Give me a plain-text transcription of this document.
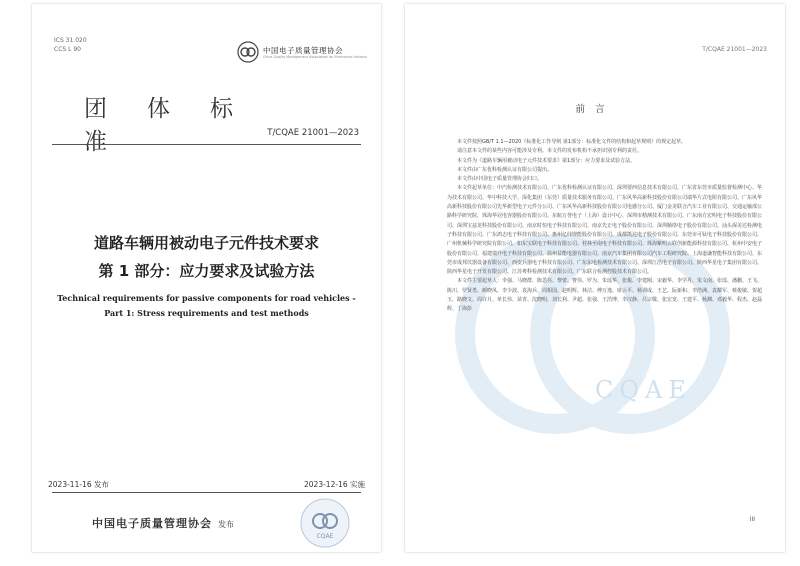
ICS 31.020
CCS L 90	中国电子质量管理协会
China Quality Management Association for Electronics Industry
团体标准	T/CQAE 21001—2023
道路车辆用被动电子元件技术要求
第 1 部分：应力要求及试验方法
Technical requirements for passive components for road vehicles -
Part 1: Stress requirements and test methods
2023-11-16 发布	2023-12-16 实施
中国电子质量管理协会 发布
CQAE
CQAE
T/CQAE 21001—2023
前言

本文件按照GB/T 1.1—2020《标准化工作导则 第1部分：标准化文件的结构和起草规则》的规定起草。

请注意本文件的某些内容可能涉及专利。本文件的发布机构不承担识别专利的责任。

本文件为《道路车辆用被动电子元件技术要求》第1部分：应力要求及试验方法。

本文件由广东优科检测认证有限公司提出。

本文件由中国电子质量管理协会归口。

本文件起草单位：中汽检测技术有限公司、广东优科检测认证有限公司、深圳要西信息技术有限公司、广东省东莞市质量监督检测中心、华为技术有限公司、华中科技大学、深化集团（东莞）质量技术服务有限公司、广东风华高新科技股份有限公司端华片式电阻有限公司、广东风华高新科技股份有限公司先华新型电子元件分公司、广东风华高新科技股份有限公司电感分公司、厦门金龙联合汽车工业有限公司、交通运输部公路科学研究院、珠海华冠电容器股份有限公司、东航万誉电子（上海）设计中心、深圳市精测技术有限公司、广东南方宏明电子科技股份有限公司、深圳宝兹龙科技股份有限公司、南京时恒电子科技有限公司、南京先正电子股份有限公司、深圳顺络电子股份有限公司、汕头保美达检测电子科技有限公司、广东鸿志电子科技有限公司、惠州亿纬锂能股份有限公司、成都凯达电子股份有限公司、东莞市可钛电子科技股份有限公司、广州机械科学研究院有限公司、如东宝联电子科技有限公司、桂林至南电子科技有限公司、珠海紫明云联创新能源科技有限公司、杭州中安电子股份有限公司、福建瑞升电子科技有限公司、温州益能电器有限公司、南京汽车集团有限公司汽车工程研究院、上海道谦智能科技有限公司、东莞市成邦仪器设备有限公司、西安兵器电子科技有限公司、广东东电检测技术有限公司、深圳江浩电子有限公司、陕西华星电子集团有限公司、陕西华星电子开发有限公司、江苏粤科检测技术有限公司、广东联合检测控股技术有限公司。

本文件主要起草人：李强、马晓群、陈思亮、黎蕾、曹伟、罗为、朱瑶华、张俊、李建刚、宋毅华、李学丹、朱文南、张瑶、潘鹏、王飞、陈川、罗贤勇、颜晓凤、李少波、袁海兵、周相国、赵明辉、林洁、傅万逸、席云平、杨训成、王艺、阮新和、李浩洲、袁耀军、蔡俊敏、贺超玉、路晓文、周许月、单长伟、苗青、沈晓明、刘长利、尹超、张强、王浩博、李汉静、吕宗敬、张宏宽、王建平、杨渊、邓毅华、程杰、赵磊辉、丁海彭

III
